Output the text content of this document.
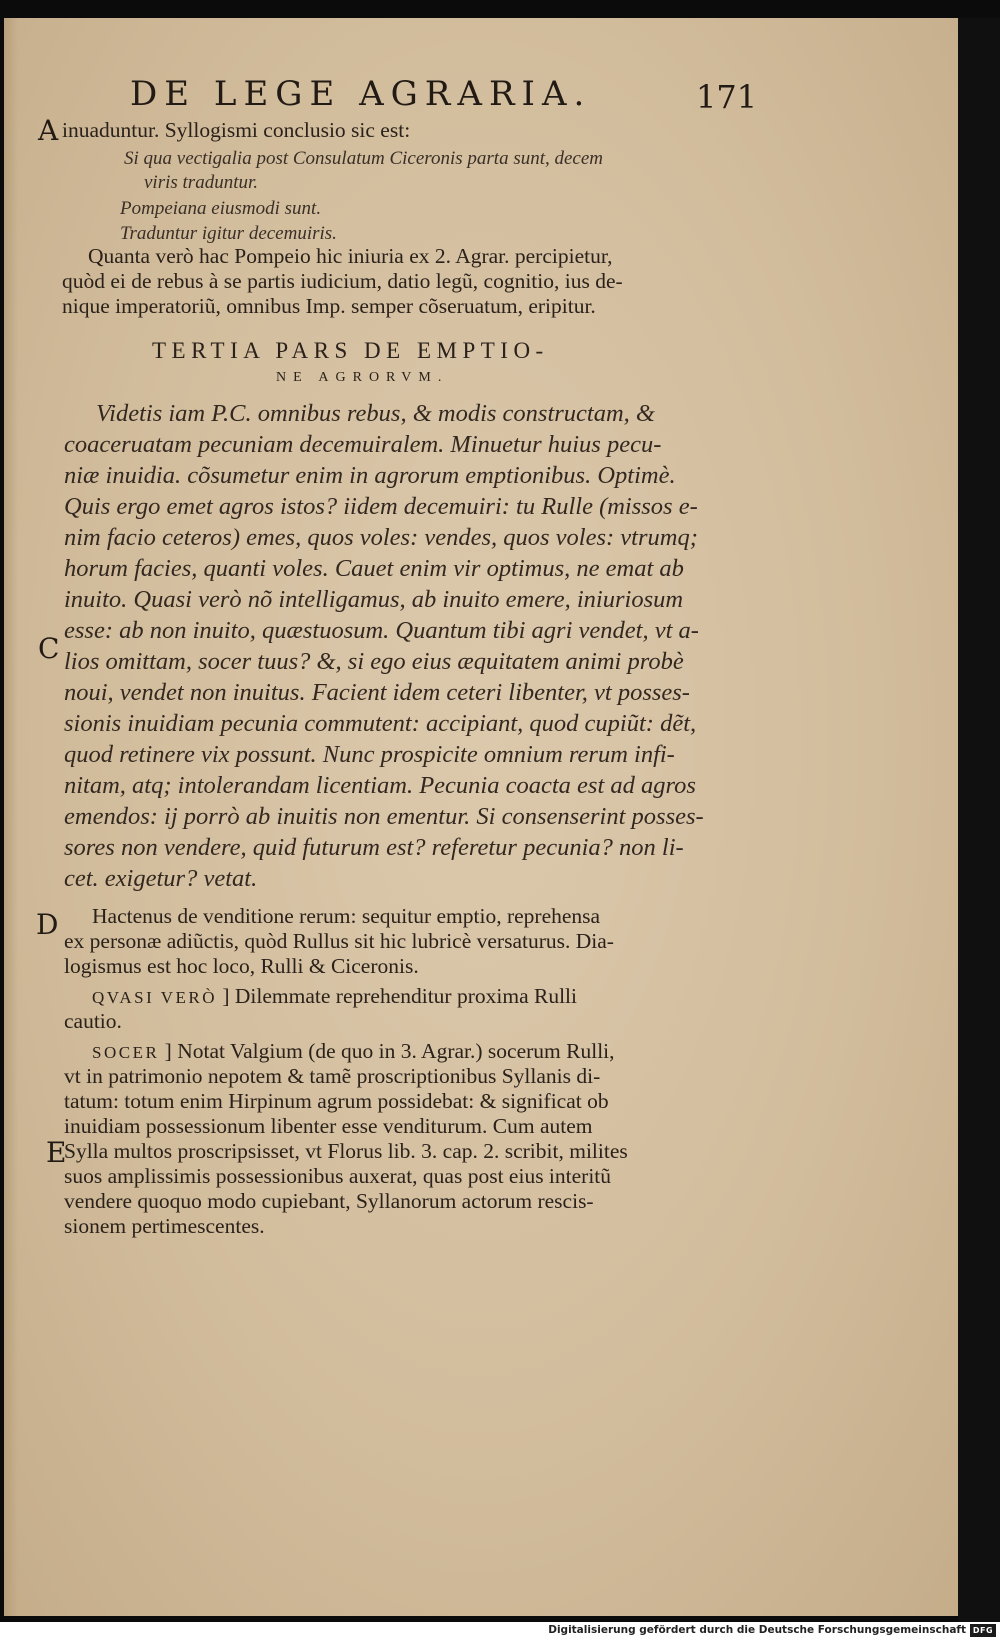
DE LEGE AGRARIA.	171
A
C
D
E
inuaduntur. Syllogismi conclusio sic est:
Si qua vectigalia post Consulatum Ciceronis parta sunt, decem
viris traduntur.
Pompeiana eiusmodi sunt.
Traduntur igitur decemuiris.
Quanta verò hac Pompeio hic iniuria ex 2. Agrar. percipietur,
quòd ei de rebus à se partis iudicium, datio legũ, cognitio, ius de-
nique imperatoriũ, omnibus Imp. semper cõseruatum, eripitur.
TERTIA PARS DE EMPTIO-
NE AGRORVM.
Videtis iam P.C. omnibus rebus, & modis constructam, &
coaceruatam pecuniam decemuiralem. Minuetur huius pecu-
niæ inuidia. cõsumetur enim in agrorum emptionibus. Optimè.
Quis ergo emet agros istos? iidem decemuiri: tu Rulle (missos e-
nim facio ceteros) emes, quos voles: vendes, quos voles: vtrumq;
horum facies, quanti voles. Cauet enim vir optimus, ne emat ab
inuito. Quasi verò nõ intelligamus, ab inuito emere, iniuriosum
esse: ab non inuito, quæstuosum. Quantum tibi agri vendet, vt a-
lios omittam, socer tuus? &, si ego eius æquitatem animi probè
noui, vendet non inuitus. Facient idem ceteri libenter, vt posses-
sionis inuidiam pecunia commutent: accipiant, quod cupiũt: dẽt,
quod retinere vix possunt. Nunc prospicite omnium rerum infi-
nitam, atq; intolerandam licentiam. Pecunia coacta est ad agros
emendos: ij porrò ab inuitis non ementur. Si consenserint posses-
sores non vendere, quid futurum est? referetur pecunia? non li-
cet. exigetur? vetat.
Hactenus de venditione rerum: sequitur emptio, reprehensa
ex personæ adiũctis, quòd Rullus sit hic lubricè versaturus. Dia-
logismus est hoc loco, Rulli & Ciceronis.
QVASI VERÒ ] Dilemmate reprehenditur proxima Rulli
cautio.
SOCER ] Notat Valgium (de quo in 3. Agrar.) socerum Rulli,
vt in patrimonio nepotem & tamẽ proscriptionibus Syllanis di-
tatum: totum enim Hirpinum agrum possidebat: & significat ob
inuidiam possessionum libenter esse venditurum. Cum autem
Sylla multos proscripsisset, vt Florus lib. 3. cap. 2. scribit, milites
suos amplissimis possessionibus auxerat, quas post eius interitũ
vendere quoquo modo cupiebant, Syllanorum actorum rescis-
sionem pertimescentes.
Digitalisierung gefördert durch die Deutsche Forschungsgemeinschaft DFG
